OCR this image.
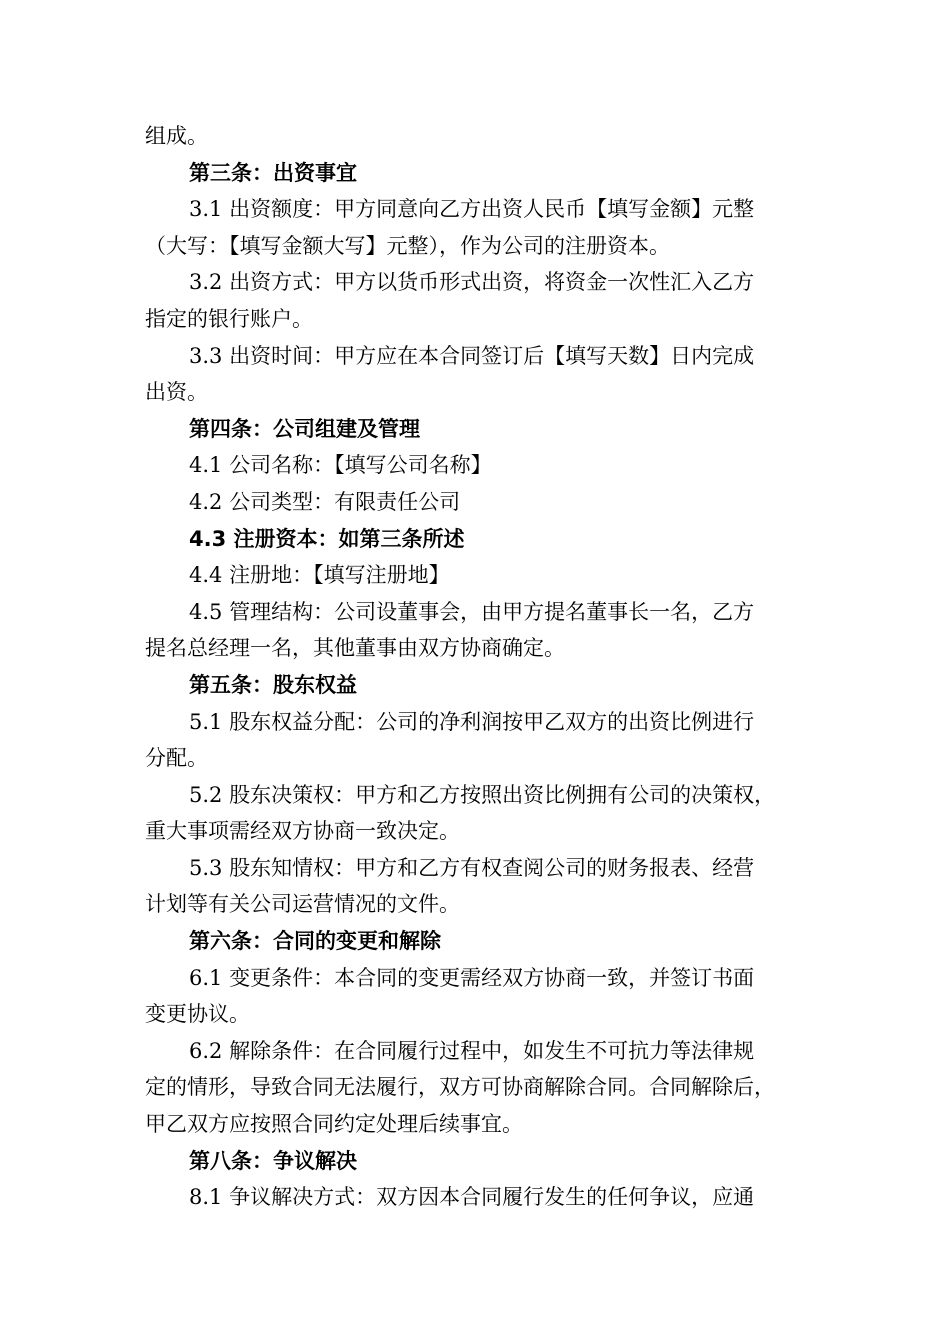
组成。
第三条：出资事宜
3.1 出资额度：甲方同意向乙方出资人民币【填写金额】元整
（大写：【填写金额大写】元整），作为公司的注册资本。
3.2 出资方式：甲方以货币形式出资，将资金一次性汇入乙方
指定的银行账户。
3.3 出资时间：甲方应在本合同签订后【填写天数】日内完成
出资。
第四条：公司组建及管理
4.1 公司名称：【填写公司名称】
4.2 公司类型：有限责任公司
4.3 注册资本：如第三条所述
4.4 注册地：【填写注册地】
4.5 管理结构：公司设董事会，由甲方提名董事长一名，乙方
提名总经理一名，其他董事由双方协商确定。
第五条：股东权益
5.1 股东权益分配：公司的净利润按甲乙双方的出资比例进行
分配。
5.2 股东决策权：甲方和乙方按照出资比例拥有公司的决策权，
重大事项需经双方协商一致决定。
5.3 股东知情权：甲方和乙方有权查阅公司的财务报表、经营
计划等有关公司运营情况的文件。
第六条：合同的变更和解除
6.1 变更条件：本合同的变更需经双方协商一致，并签订书面
变更协议。
6.2 解除条件：在合同履行过程中，如发生不可抗力等法律规
定的情形，导致合同无法履行，双方可协商解除合同。合同解除后，
甲乙双方应按照合同约定处理后续事宜。
第八条：争议解决
8.1 争议解决方式：双方因本合同履行发生的任何争议，应通
